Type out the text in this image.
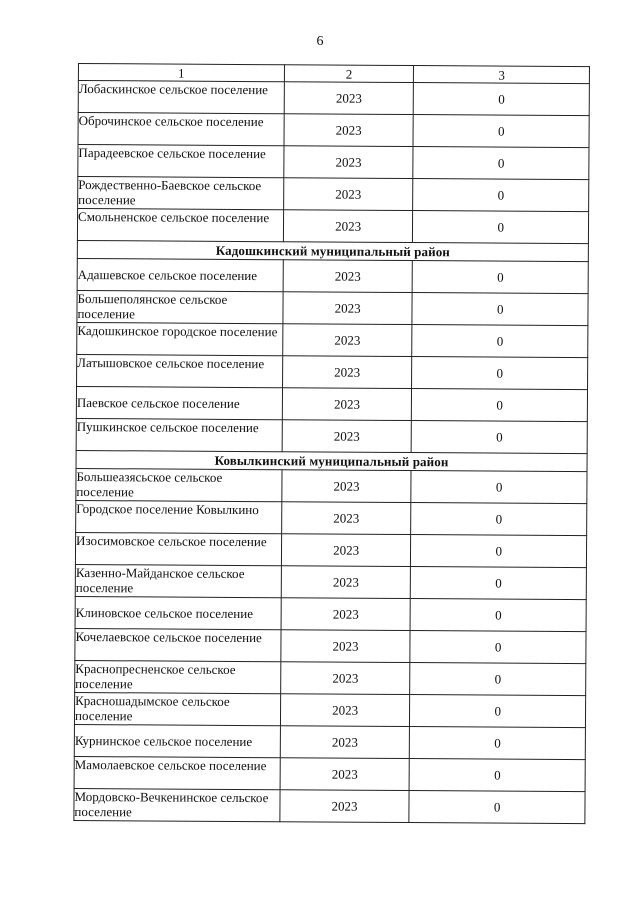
6
1	2	3
Лобаскинское сельское поселение	2023	0
Оброчинское сельское поселение	2023	0
Парадеевское сельское поселение	2023	0
Рождественно-Баевское сельское поселение	2023	0
Смольненское сельское поселение	2023	0
Кадошкинский муниципальный район		
Адашевское сельское поселение	2023	0
Большеполянское сельское поселение	2023	0
Кадошкинское городское поселение	2023	0
Латышовское сельское поселение	2023	0
Паевское сельское поселение	2023	0
Пушкинское сельское поселение	2023	0
Ковылкинский муниципальный район		
Большеазясьское сельское поселение	2023	0
Городское поселение Ковылкино	2023	0
Изосимовское сельское поселение	2023	0
Казенно-Майданское сельское поселение	2023	0
Клиновское сельское поселение	2023	0
Кочелаевское сельское поселение	2023	0
Краснопресненское сельское поселение	2023	0
Красношадымское сельское поселение	2023	0
Курнинское сельское поселение	2023	0
Мамолаевское сельское поселение	2023	0
Мордовско-Вечкенинское сельское поселение	2023	0
